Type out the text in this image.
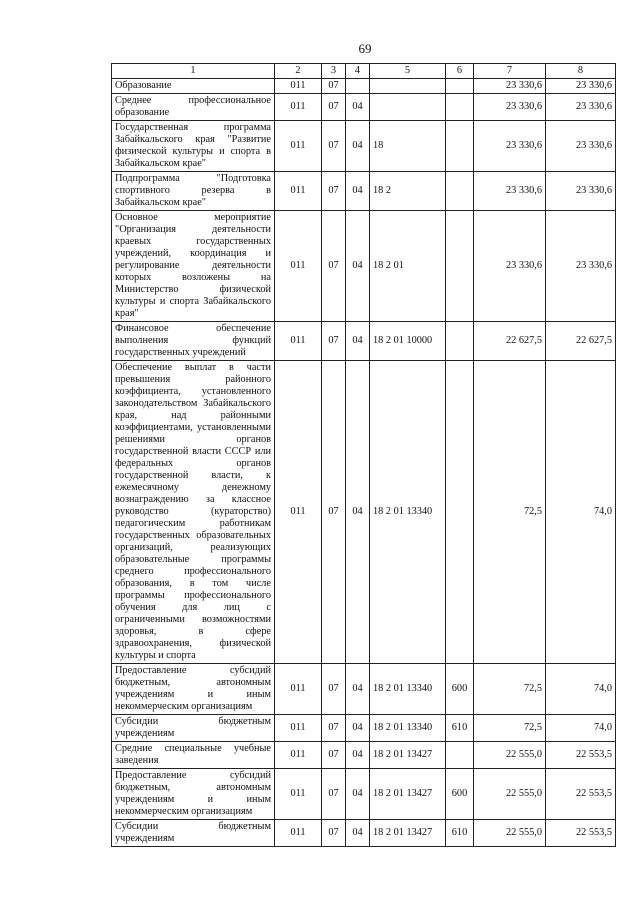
69
1	2	3	4	5	6	7	8
Образование	011	07				23 330,6	23 330,6
Среднее профессиональное образование	011	07	04			23 330,6	23 330,6
Государственная программа Забайкальского края "Развитие физической культуры и спорта в Забайкальском крае"	011	07	04	18		23 330,6	23 330,6
Подпрограмма "Подготовка спортивного резерва в Забайкальском крае"	011	07	04	18 2		23 330,6	23 330,6
Основное мероприятие "Организация деятельности краевых государственных учреждений, координация и регулирование деятельности которых возложены на Министерство физической культуры и спорта Забайкальского края"	011	07	04	18 2 01		23 330,6	23 330,6
Финансовое обеспечение выполнения функций государственных учреждений	011	07	04	18 2 01 10000		22 627,5	22 627,5
Обеспечение выплат в части превышения районного коэффициента, установленного законодательством Забайкальского края, над районными коэффициентами, установленными решениями органов государственной власти СССР или федеральных органов государственной власти, к ежемесячному денежному вознаграждению за классное руководство (кураторство) педагогическим работникам государственных образовательных организаций, реализующих образовательные программы среднего профессионального образования, в том числе программы профессионального обучения для лиц с ограниченными возможностями здоровья, в сфере здравоохранения, физической культуры и спорта	011	07	04	18 2 01 13340		72,5	74,0
Предоставление субсидий бюджетным, автономным учреждениям и иным некоммерческим организациям	011	07	04	18 2 01 13340	600	72,5	74,0
Субсидии бюджетным учреждениям	011	07	04	18 2 01 13340	610	72,5	74,0
Средние специальные учебные заведения	011	07	04	18 2 01 13427		22 555,0	22 553,5
Предоставление субсидий бюджетным, автономным учреждениям и иным некоммерческим организациям	011	07	04	18 2 01 13427	600	22 555,0	22 553,5
Субсидии бюджетным учреждениям	011	07	04	18 2 01 13427	610	22 555,0	22 553,5
